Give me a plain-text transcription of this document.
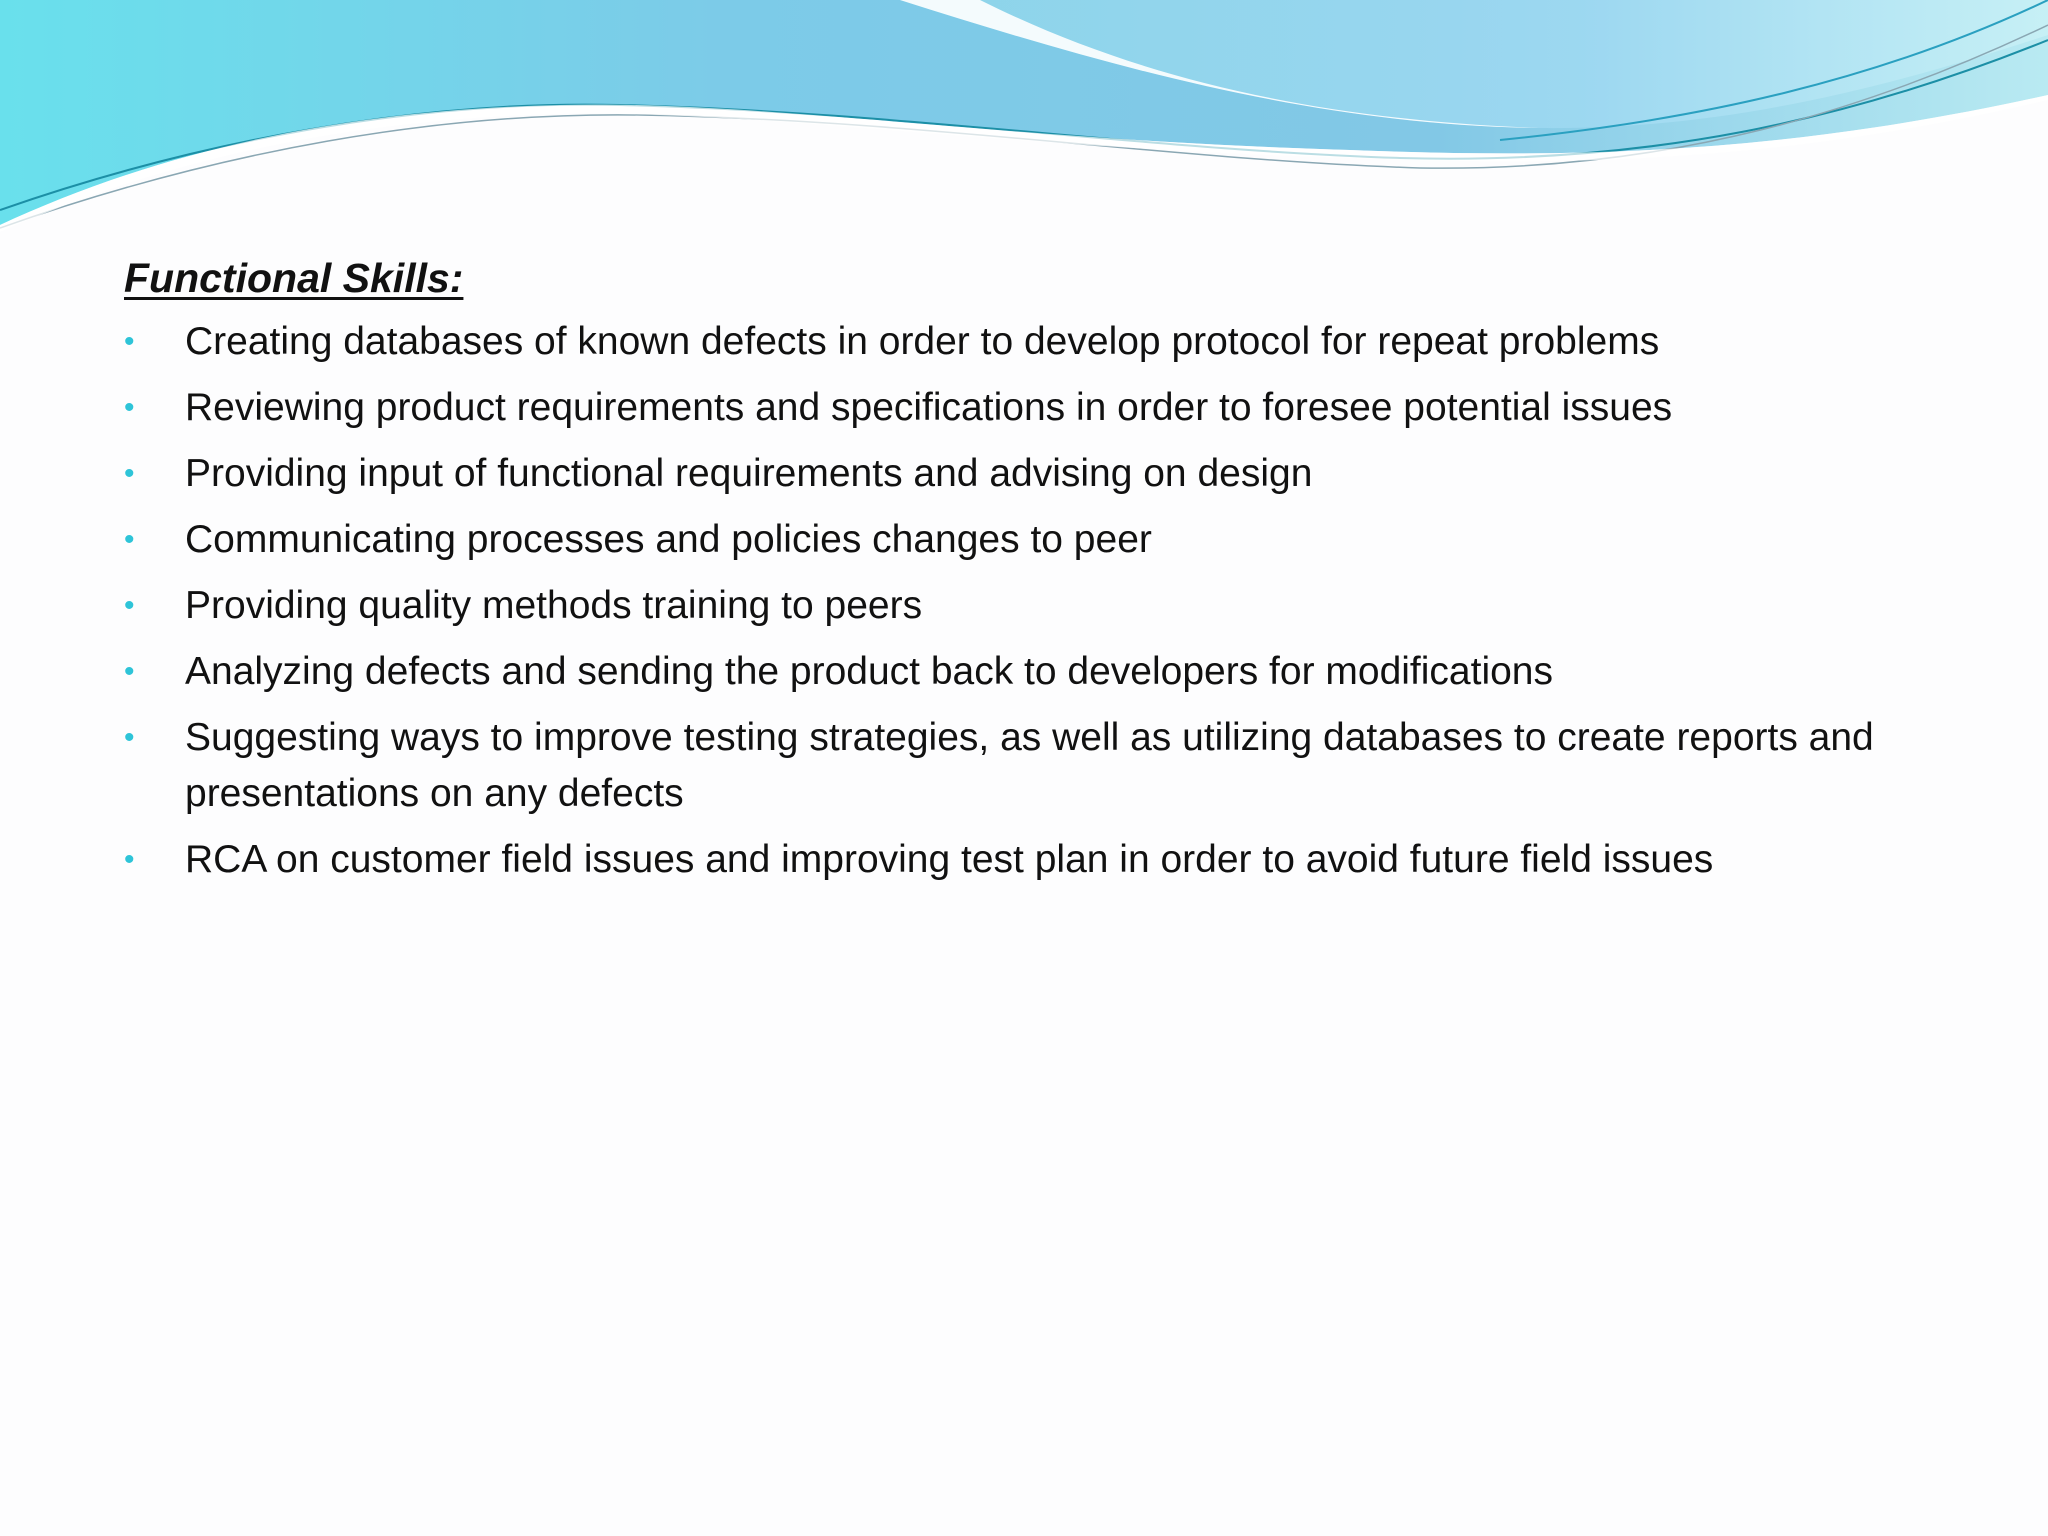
Functional Skills:
•	Creating databases of known defects in order to develop protocol for repeat problems
•	Reviewing product requirements and specifications in order to foresee potential issues
•	Providing input of functional requirements and advising on design
•	Communicating processes and policies changes to peer
•	Providing quality methods training to peers
•	Analyzing defects and sending the product back to developers for modifications
•	Suggesting ways to improve testing strategies, as well as utilizing databases to create reports and presentations on any defects
•	RCA on customer field issues and improving test plan in order to avoid future field issues
